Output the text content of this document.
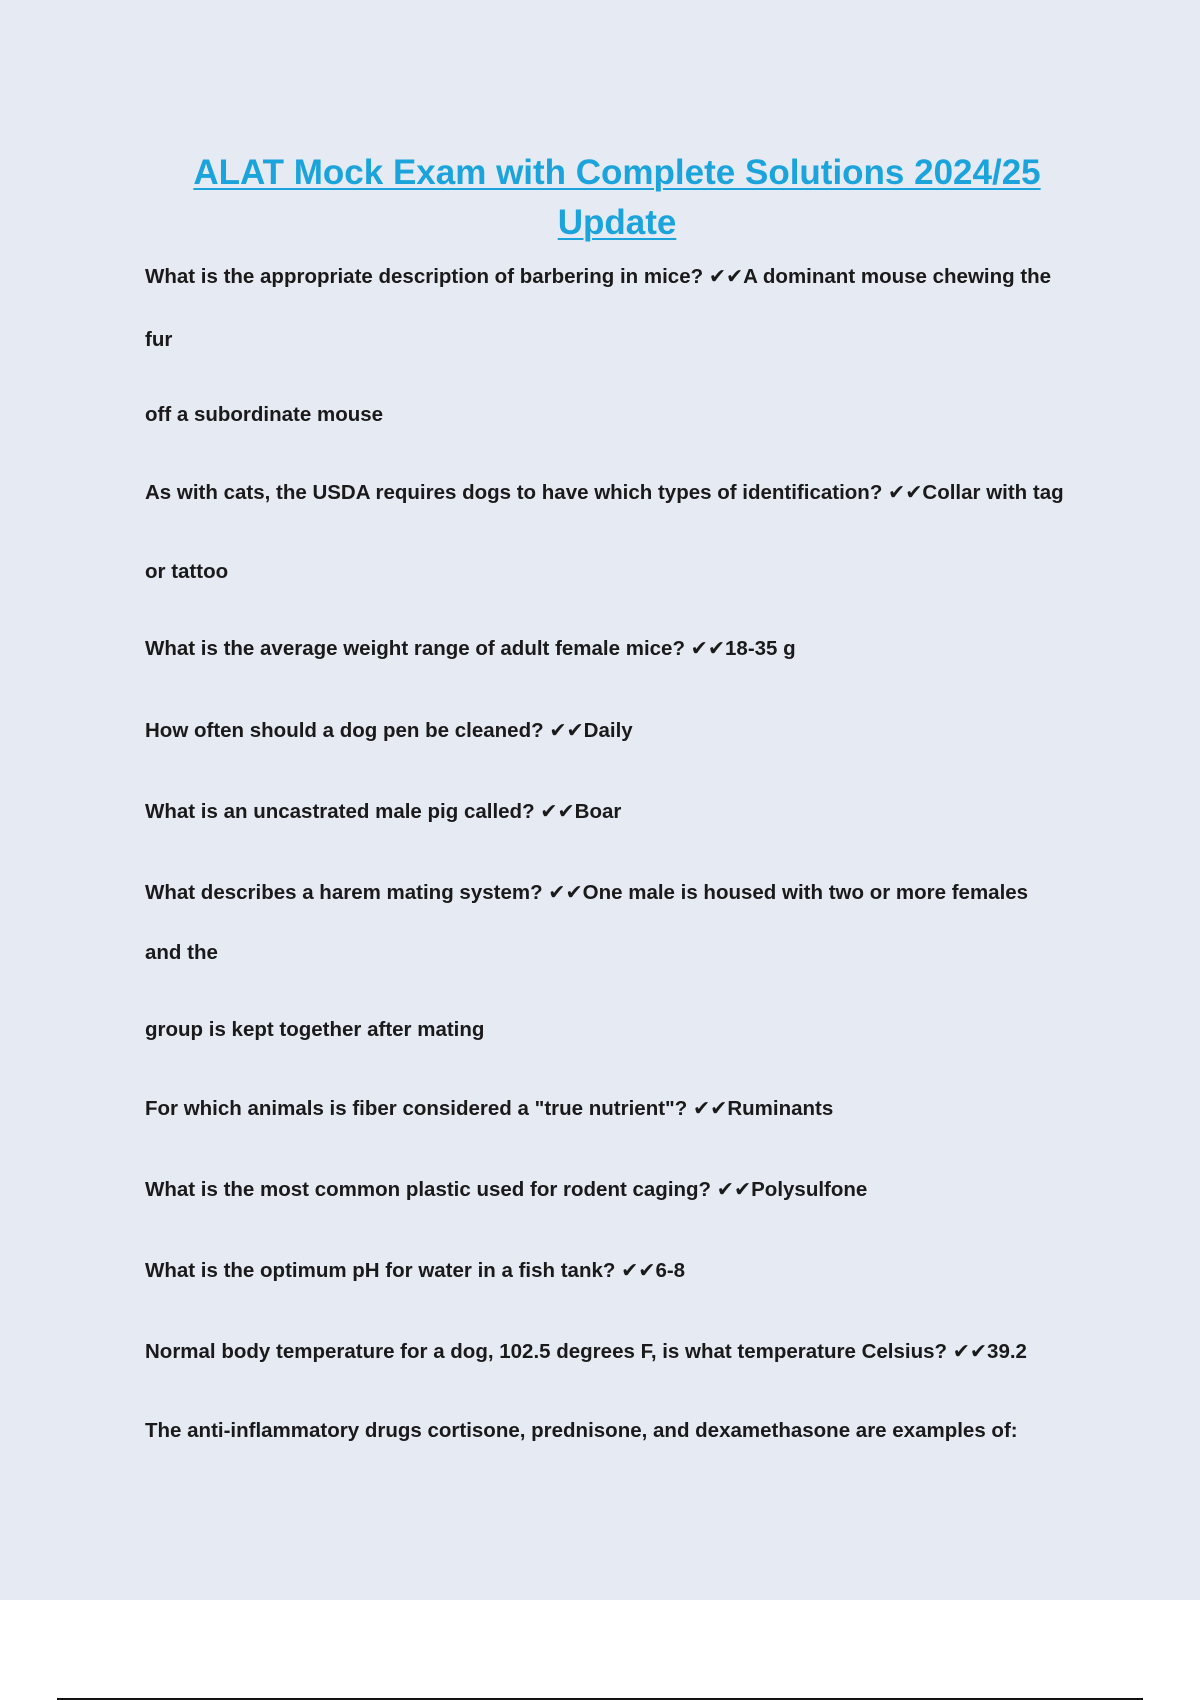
ALAT Mock Exam with Complete Solutions 2024/25
Update

What is the appropriate description of barbering in mice? ✔✔A dominant mouse chewing the

fur

off a subordinate mouse

As with cats, the USDA requires dogs to have which types of identification? ✔✔Collar with tag

or tattoo

What is the average weight range of adult female mice? ✔✔18-35 g

How often should a dog pen be cleaned? ✔✔Daily

What is an uncastrated male pig called? ✔✔Boar

What describes a harem mating system? ✔✔One male is housed with two or more females

and the

group is kept together after mating

For which animals is fiber considered a "true nutrient"? ✔✔Ruminants

What is the most common plastic used for rodent caging? ✔✔Polysulfone

What is the optimum pH for water in a fish tank? ✔✔6-8

Normal body temperature for a dog, 102.5 degrees F, is what temperature Celsius? ✔✔39.2

The anti-inflammatory drugs cortisone, prednisone, and dexamethasone are examples of:
